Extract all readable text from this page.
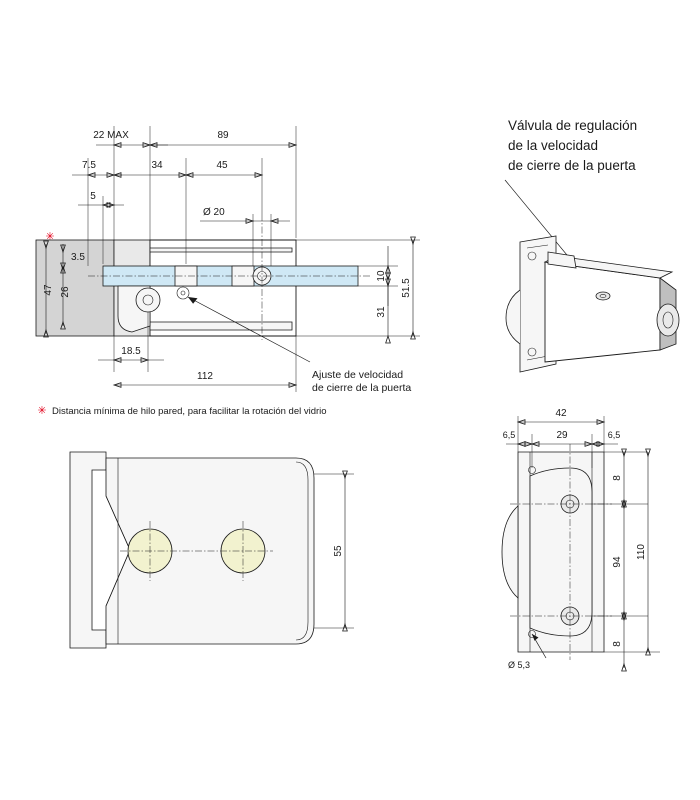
22 MAX	89
7.5	34	45
5
Ø 20
✳
3.5
26
47
10
31
51.5
18.5
112	Ajuste de velocidad
de cierre de la puerta
✳ Distancia mínima de hilo pared, para facilitar la rotación del vidrio
55
Válvula de regulación
de la velocidad
de cierre de la puerta
42
6,5	29	6,5
8
94
110
8
Ø 5,3
